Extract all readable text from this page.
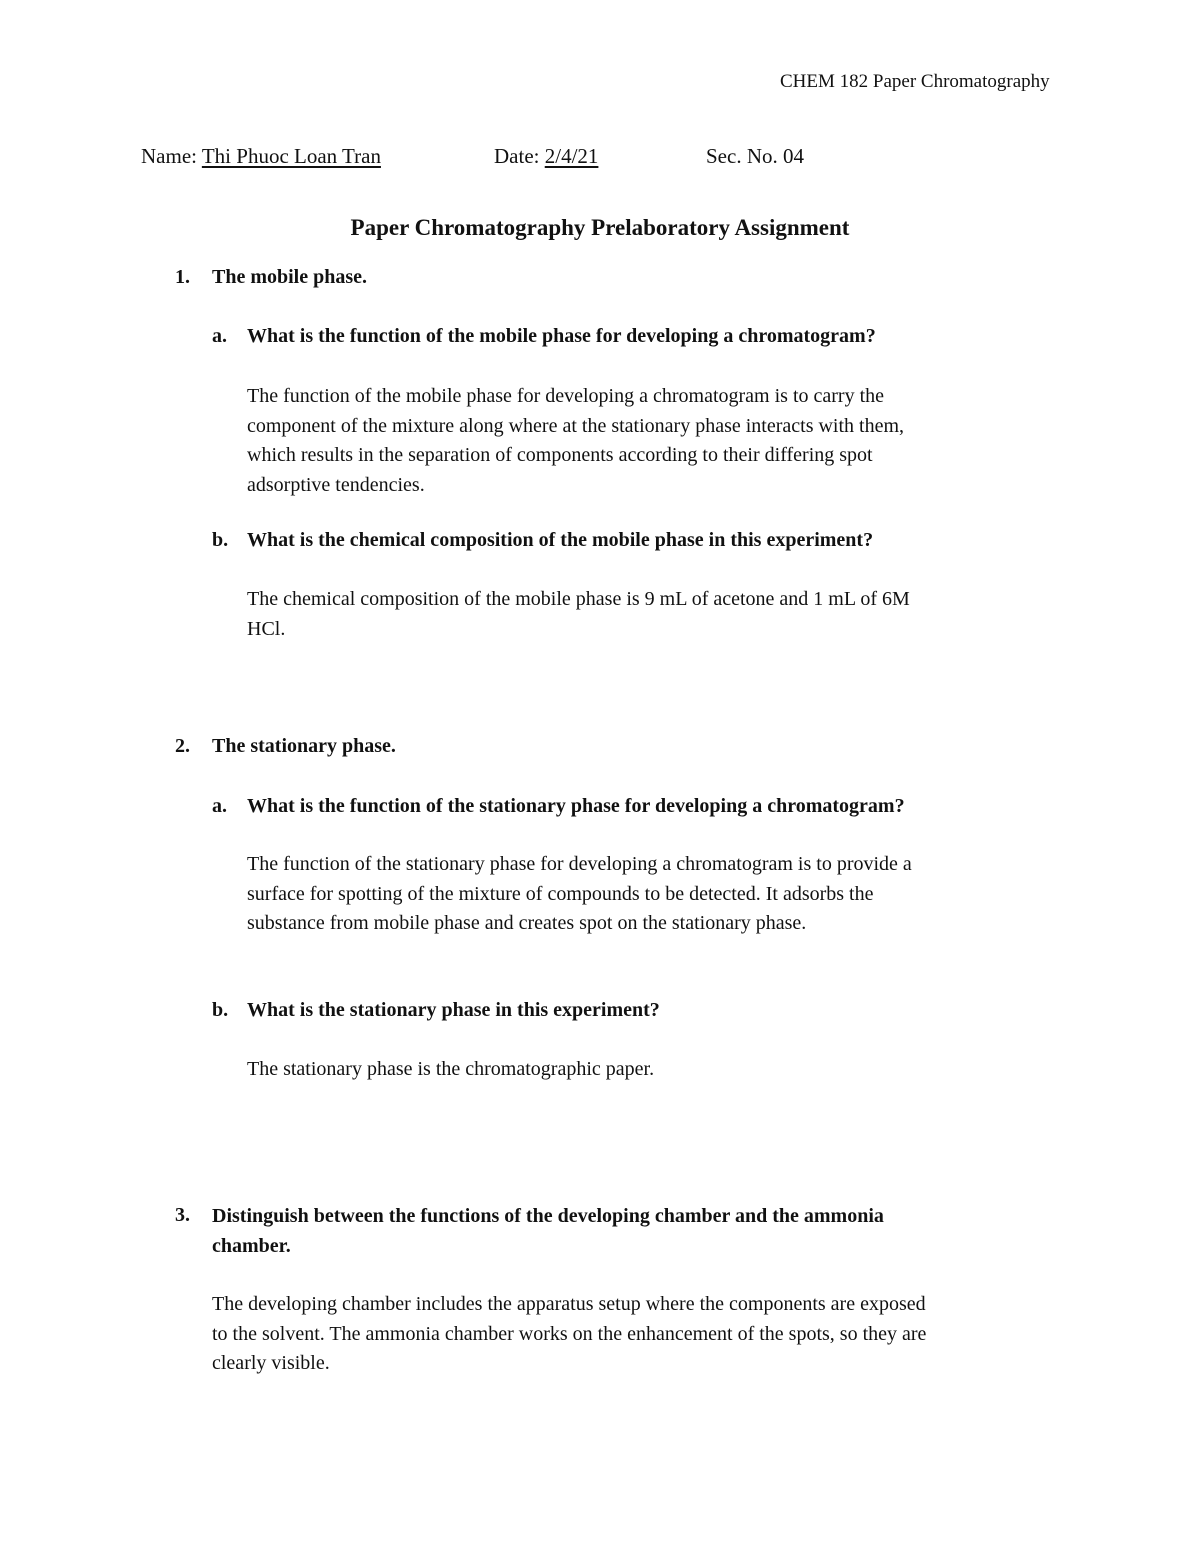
CHEM 182 Paper Chromatography
Name: Thi Phuoc Loan Tran	Date: 2/4/21	Sec. No. 04
Paper Chromatography Prelaboratory Assignment
1. The mobile phase.
a. What is the function of the mobile phase for developing a chromatogram?
The function of the mobile phase for developing a chromatogram is to carry the
component of the mixture along where at the stationary phase interacts with them,
which results in the separation of components according to their differing spot
adsorptive tendencies.
b. What is the chemical composition of the mobile phase in this experiment?
The chemical composition of the mobile phase is 9 mL of acetone and 1 mL of 6M
HCl.
2. The stationary phase.
a. What is the function of the stationary phase for developing a chromatogram?
The function of the stationary phase for developing a chromatogram is to provide a
surface for spotting of the mixture of compounds to be detected. It adsorbs the
substance from mobile phase and creates spot on the stationary phase.
b. What is the stationary phase in this experiment?
The stationary phase is the chromatographic paper.
3. Distinguish between the functions of the developing chamber and the ammonia
chamber.
The developing chamber includes the apparatus setup where the components are exposed
to the solvent. The ammonia chamber works on the enhancement of the spots, so they are
clearly visible.
